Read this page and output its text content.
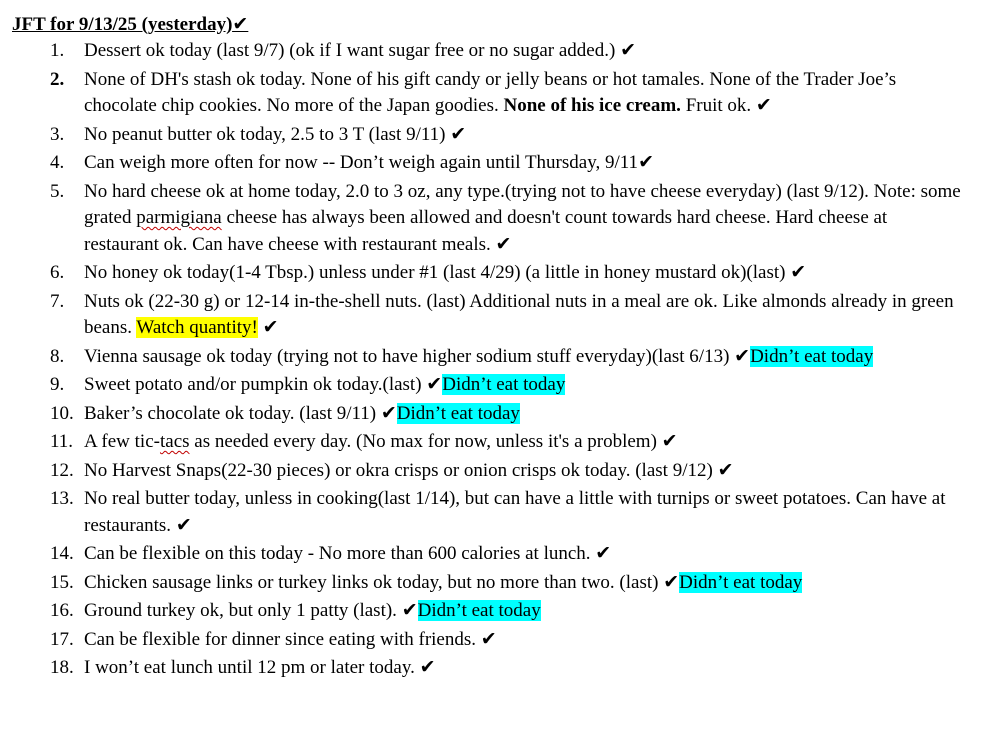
JFT for 9/13/25 (yesterday)✔
1.	Dessert ok today (last 9/7) (ok if I want sugar free or no sugar added.) ✔
2.	None of DH's stash ok today. None of his gift candy or jelly beans or hot tamales. None of the Trader Joe’s chocolate chip cookies. No more of the Japan goodies. None of his ice cream. Fruit ok. ✔
3.	No peanut butter ok today, 2.5 to 3 T (last 9/11) ✔
4.	Can weigh more often for now -- Don’t weigh again until Thursday, 9/11✔
5.	No hard cheese ok at home today, 2.0 to 3 oz, any type.(trying not to have cheese everyday) (last 9/12). Note: some grated parmigiana cheese has always been allowed and doesn't count towards hard cheese. Hard cheese at restaurant ok. Can have cheese with restaurant meals. ✔
6.	No honey ok today(1-4 Tbsp.) unless under #1 (last 4/29) (a little in honey mustard ok)(last) ✔
7.	Nuts ok (22-30 g) or 12-14 in-the-shell nuts. (last) Additional nuts in a meal are ok. Like almonds already in green beans. Watch quantity! ✔
8.	Vienna sausage ok today (trying not to have higher sodium stuff everyday)(last 6/13) ✔Didn’t eat today
9.	Sweet potato and/or pumpkin ok today.(last) ✔Didn’t eat today
10. Baker’s chocolate ok today. (last 9/11) ✔Didn’t eat today
11. A few tic-tacs as needed every day. (No max for now, unless it's a problem) ✔
12. No Harvest Snaps(22-30 pieces) or okra crisps or onion crisps ok today. (last 9/12) ✔
13. No real butter today, unless in cooking(last 1/14), but can have a little with turnips or sweet potatoes. Can have at restaurants. ✔
14. Can be flexible on this today - No more than 600 calories at lunch. ✔
15. Chicken sausage links or turkey links ok today, but no more than two. (last) ✔Didn’t eat today
16. Ground turkey ok, but only 1 patty (last). ✔Didn’t eat today
17. Can be flexible for dinner since eating with friends. ✔
18. I won’t eat lunch until 12 pm or later today. ✔
